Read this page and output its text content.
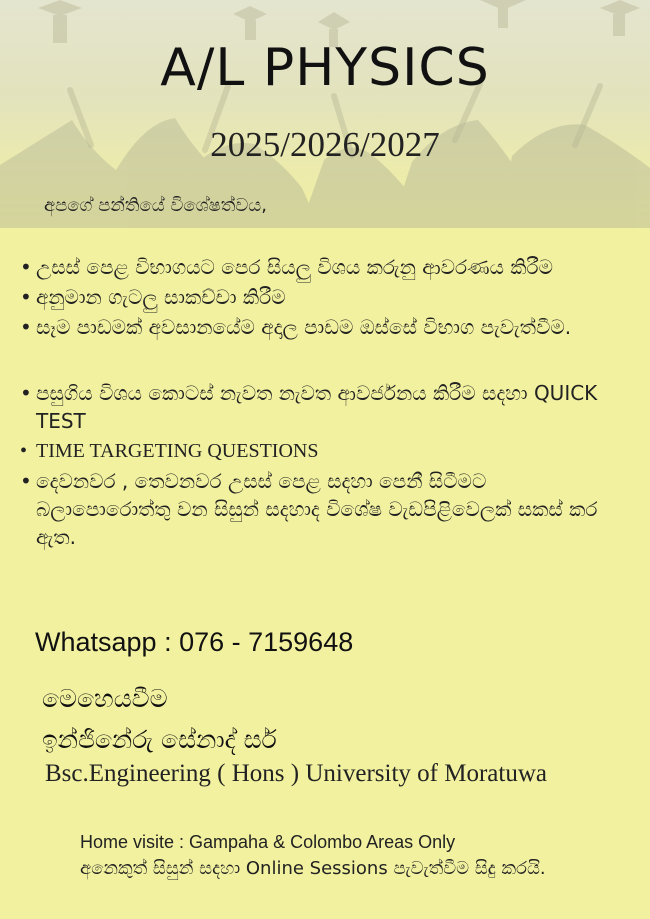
A/L PHYSICS
2025/2026/2027
අපගේ පන්තියේ විශේෂත්වය,
• උසස් පෙළ විභාගයට පෙර සියලු විශය කරුනු ආවරණය කිරීම
• අනුමාන ගැටලු සාකච්චා කිරීම
• සෑම පාඩමක් අවසානයේම අදාල පාඩම ඔස්සේ විභාග පැවැත්වීම.
• පසුගිය විශය කොටස් නැවත නැවත ආවර්ජනය කිරීම සදහා QUICK TEST
• TIME TARGETING QUESTIONS
• දෙවනවර , තෙවනවර උසස් පෙළ සදහා පෙනී සිටීමට බලාපොරොත්තු වන සිසුන් සදහාද විශේෂ වැඩපිළිවෙලක් සකස් කර ඇත.
Whatsapp : 076 - 7159648
මෙහෙයවීම
ඉන්ජිනේරු සේනාද් සර්
Bsc.Engineering ( Hons ) University of Moratuwa
Home visite : Gampaha & Colombo Areas Only
අනෙකුත් සිසුන් සදහා Online Sessions පැවැත්වීම සිදු කරයි.
